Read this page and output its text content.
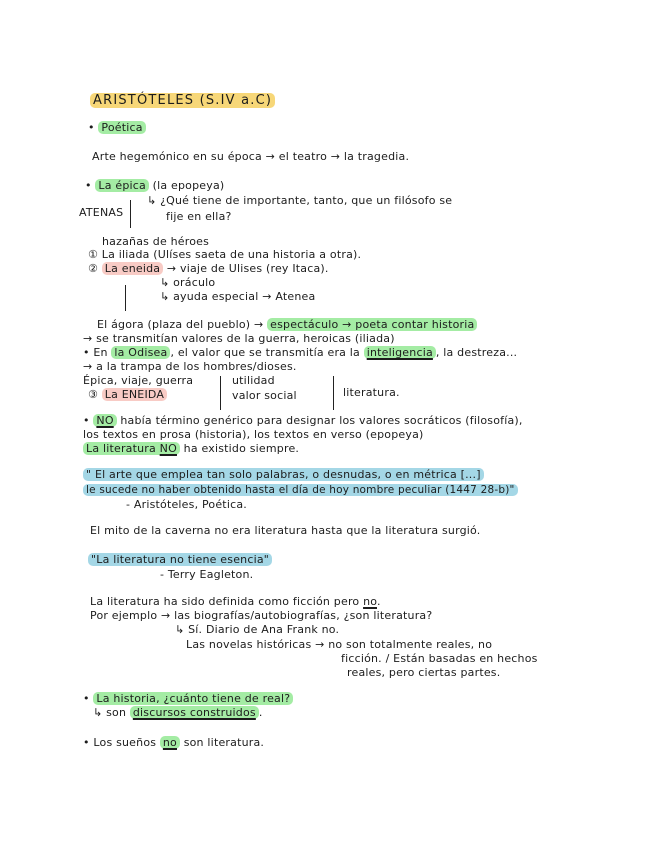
ARISTÓTELES (S.IV a.C)
• Poética
Arte hegemónico en su época → el teatro → la tragedia.
• La épica (la epopeya)
↳ ¿Qué tiene de importante, tanto, que un filósofo se
ATENAS	fije en ella?
hazañas de héroes
① La iliada (Ulíses saeta de una historia a otra).
② La eneida → viaje de Ulises (rey Itaca).
↳ oráculo
↳ ayuda especial → Atenea
El ágora (plaza del pueblo) → espectáculo → poeta contar historia
→ se transmitían valores de la guerra, heroicas (iliada)
• En la Odisea , el valor que se transmitía era la inteligencia , la destreza...
→ a la trampa de los hombres/dioses.
Épica, viaje, guerra
③ La ENEIDA
utilidad
valor social	literatura.
• NO había término genérico para designar los valores socráticos (filosofía),
los textos en prosa (historia), los textos en verso (epopeya)
La literatura NO ha existido siempre.
" El arte que emplea tan solo palabras, o desnudas, o en métrica [...]
le sucede no haber obtenido hasta el día de hoy nombre peculiar (1447 28-b)"
- Aristóteles, Poética.
El mito de la caverna no era literatura hasta que la literatura surgió.
"La literatura no tiene esencia"
- Terry Eagleton.
La literatura ha sido definida como ficción pero no.
Por ejemplo → las biografías/autobiografías, ¿son literatura?
↳ Sí. Diario de Ana Frank no.
Las novelas históricas → no son totalmente reales, no
ficción. / Están basadas en hechos
reales, pero ciertas partes.
• La historia, ¿cuánto tiene de real?
↳ son discursos construidos .
• Los sueños no son literatura.
